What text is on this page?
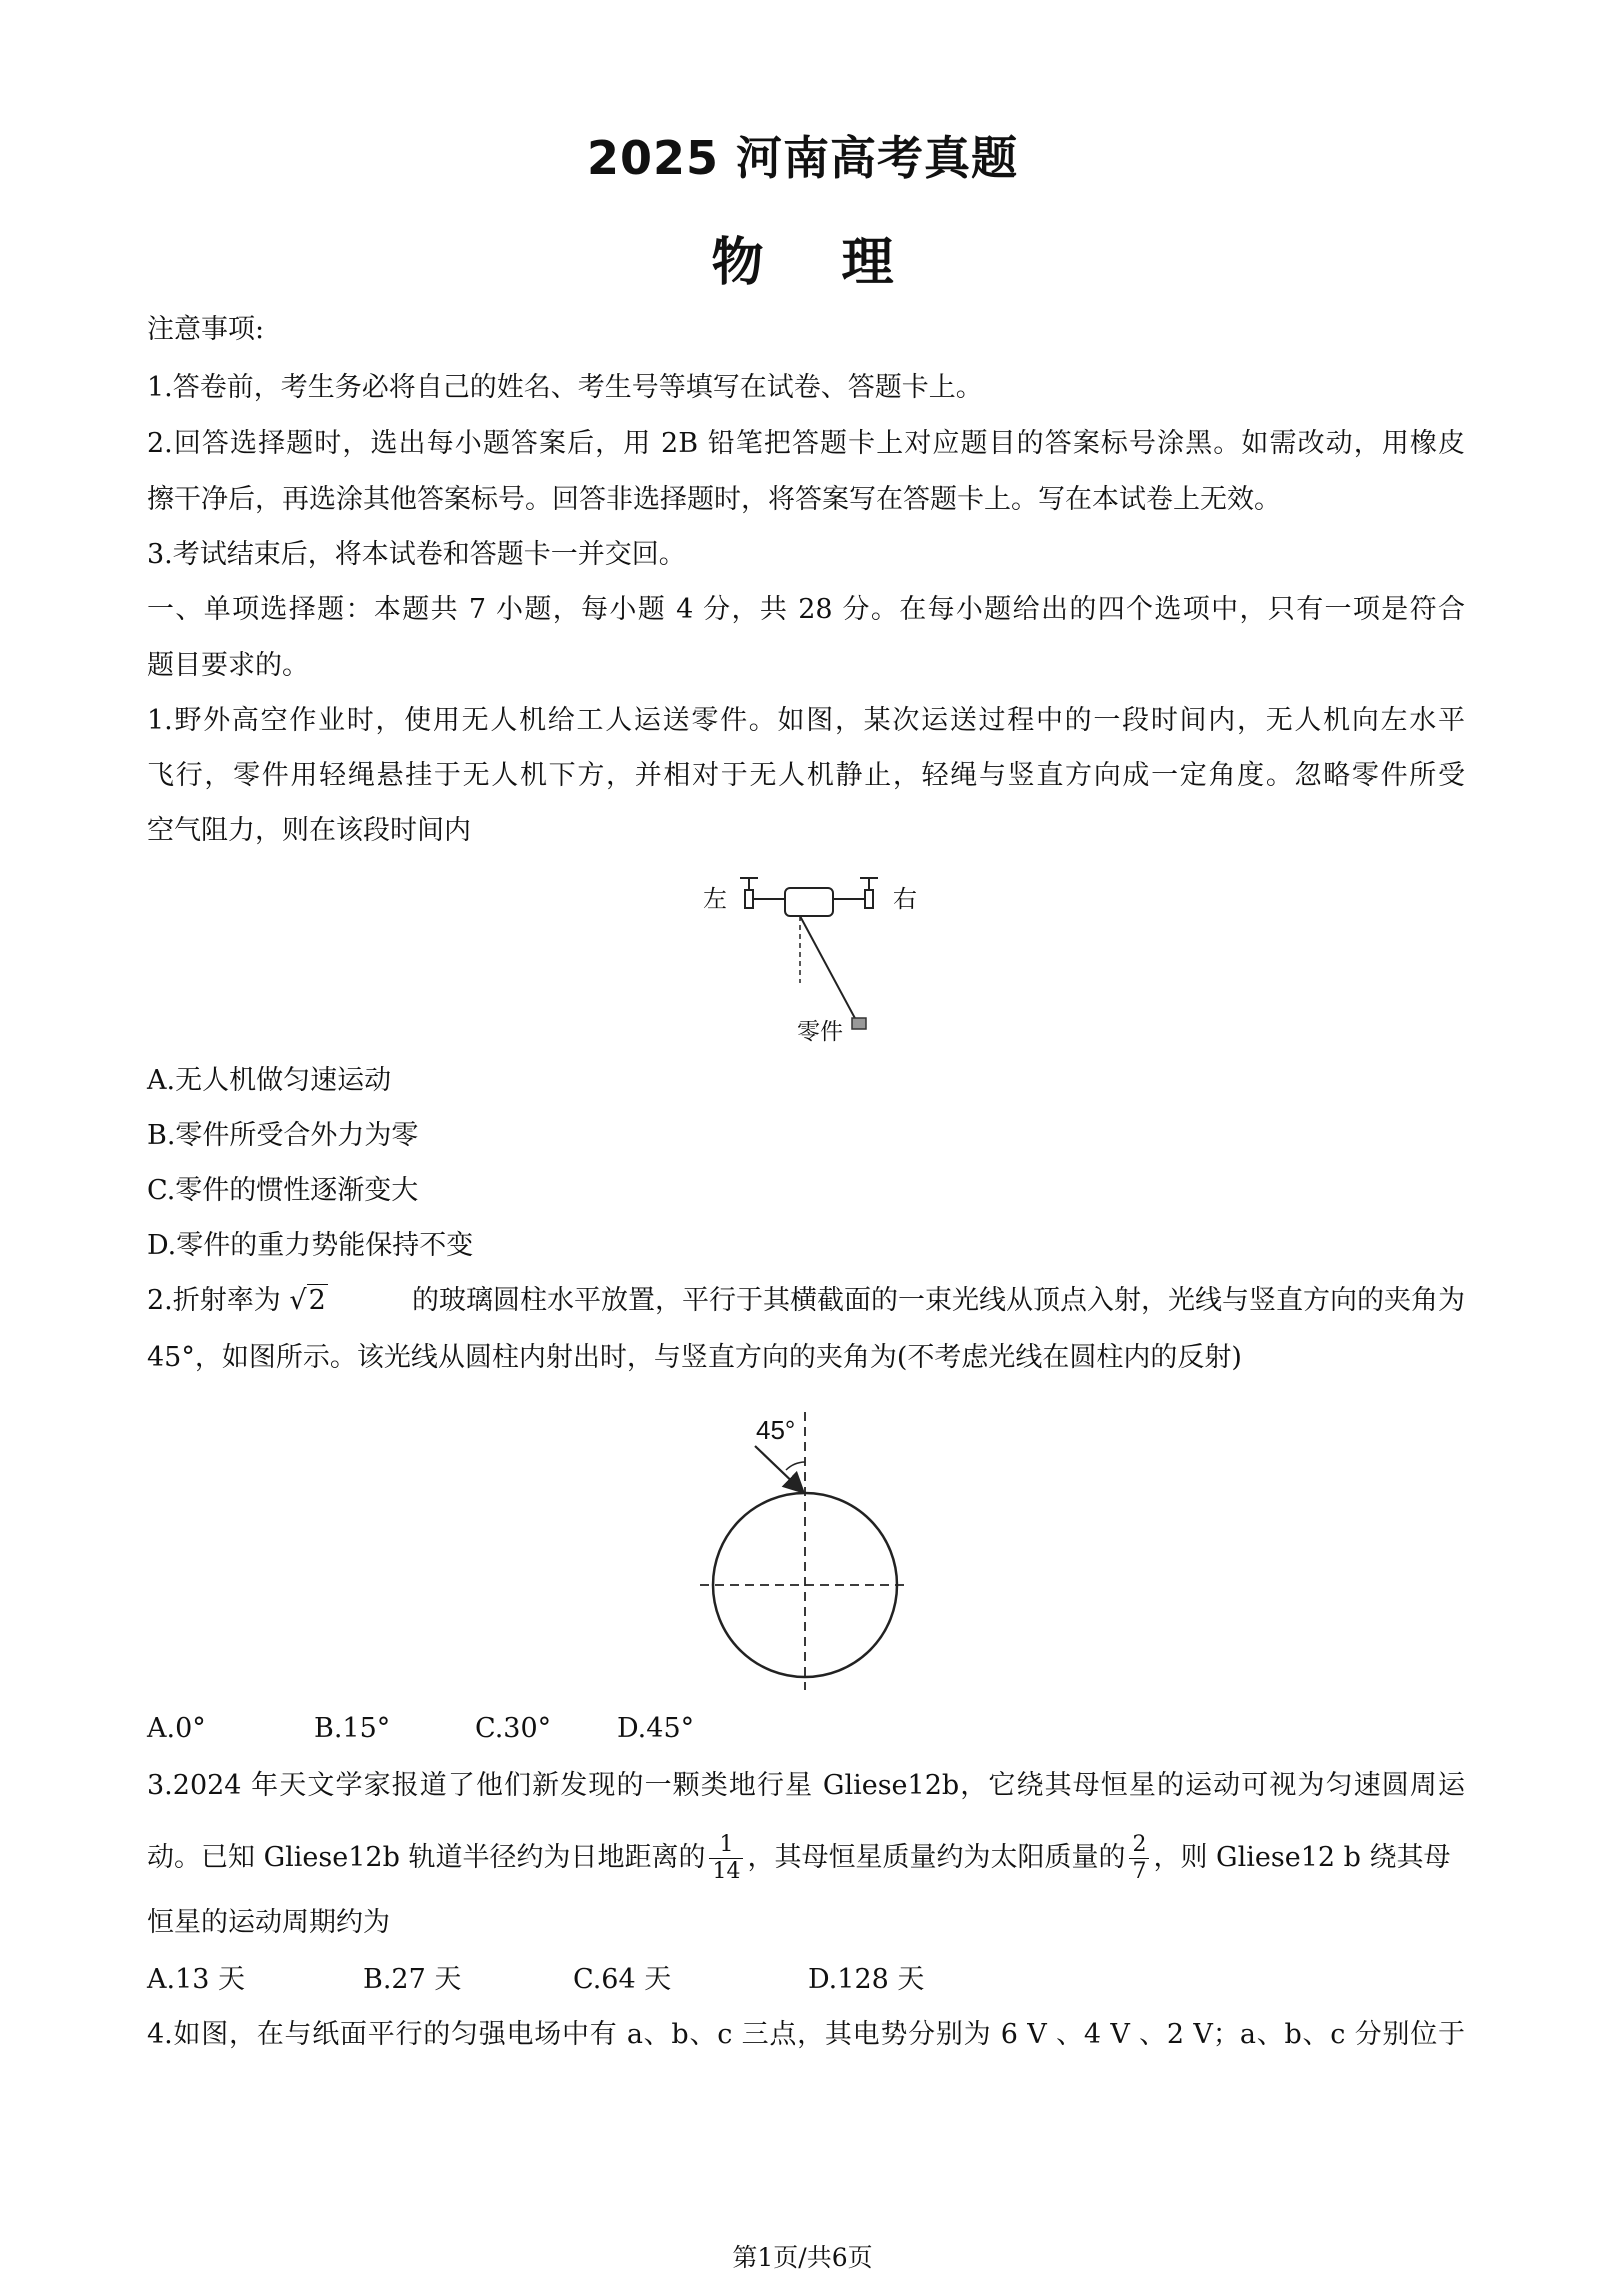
2025 河南高考真题
物 理
注意事项:
1.答卷前，考生务必将自己的姓名、考生号等填写在试卷、答题卡上。
2.回答选择题时，选出每小题答案后，用 2B 铅笔把答题卡上对应题目的答案标号涂黑。如需改动，用橡皮
擦干净后，再选涂其他答案标号。回答非选择题时，将答案写在答题卡上。写在本试卷上无效。
3.考试结束后，将本试卷和答题卡一并交回。
一、单项选择题：本题共 7 小题，每小题 4 分，共 28 分。在每小题给出的四个选项中，只有一项是符合
题目要求的。
1.野外高空作业时，使用无人机给工人运送零件。如图，某次运送过程中的一段时间内，无人机向左水平
飞行，零件用轻绳悬挂于无人机下方，并相对于无人机静止，轻绳与竖直方向成一定角度。忽略零件所受
空气阻力，则在该段时间内
左	右
零件
A.无人机做匀速运动
B.零件所受合外力为零
C.零件的惯性逐渐变大
D.零件的重力势能保持不变
2.折射率为 √2	的玻璃圆柱水平放置，平行于其横截面的一束光线从顶点入射，光线与竖直方向的夹角为
45°，如图所示。该光线从圆柱内射出时，与竖直方向的夹角为(不考虑光线在圆柱内的反射)
45°
A.0°	B.15°	C.30° D.45°
3.2024 年天文学家报道了他们新发现的一颗类地行星 Gliese12b，它绕其母恒星的运动可视为匀速圆周运
动。已知 Gliese12b 轨道半径约为日地距离的 $\frac{1}{14}$ ，其母恒星质量约为太阳质量的 $\frac{2}{7}$ ，则 Gliese12 b 绕其母
恒星的运动周期约为
A.13 天	B.27 天	C.64 天	D.128 天
4.如图，在与纸面平行的匀强电场中有 a、b、c 三点，其电势分别为 6 V 、4 V 、2 V；a、b、c 分别位于
第1页/共6页
